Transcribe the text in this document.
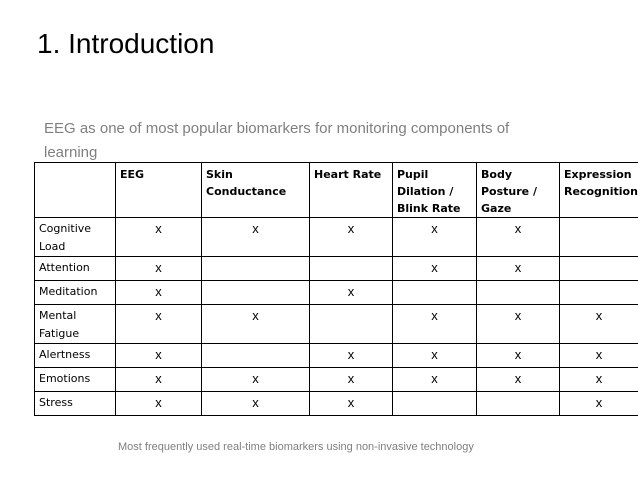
1. Introduction
EEG as one of most popular biomarkers for monitoring components of learning
	EEG	Skin Conductance	Heart Rate	Pupil Dilation / Blink Rate	Body Posture / Gaze	Expression Recognition
Cognitive Load	x	x	x	x	x	
Attention	x			x	x	
Meditation	x		x			
Mental Fatigue	x	x		x	x	x
Alertness	x		x	x	x	x
Emotions	x	x	x	x	x	x
Stress	x	x	x			x
Most frequently used real-time biomarkers using non-invasive technology
